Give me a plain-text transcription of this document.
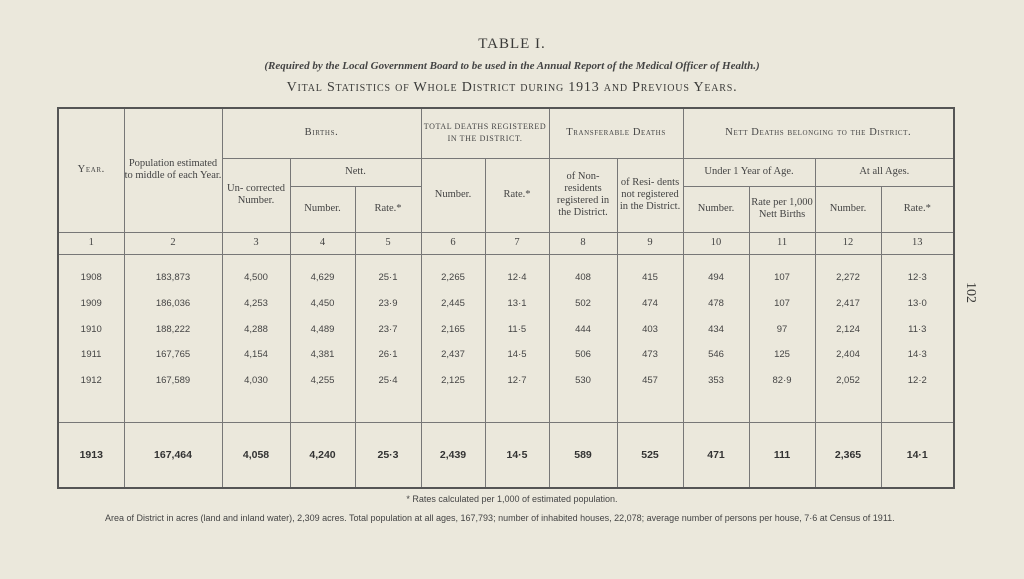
TABLE I.
(Required by the Local Government Board to be used in the Annual Report of the Medical Officer of Health.)
Vital Statistics of Whole District during 1913 and Previous Years.
102
Year.	Population estimated to middle of each Year.	Births.			TOTAL DEATHS REGISTERED IN THE DISTRICT.		Transferable Deaths		Nett Deaths belonging to the District.			
		Un- corrected Number.	Nett.		Number.	Rate.*	of Non- residents registered in the District.	of Resi- dents not registered in the District.	Under 1 Year of Age.		At all Ages.	
			Number.	Rate.*					Number.	Rate per 1,000 Nett Births	Number.	Rate.*
1	2	3	4	5	6	7	8	9	10	11	12	13

1908	183,873	4,500	4,629	25·1	2,265	12·4	408	415	494	107	2,272	12·3
1909	186,036	4,253	4,450	23·9	2,445	13·1	502	474	478	107	2,417	13·0
1910	188,222	4,288	4,489	23·7	2,165	11·5	444	403	434	97	2,124	11·3
1911	167,765	4,154	4,381	26·1	2,437	14·5	506	473	546	125	2,404	14·3
1912	167,589	4,030	4,255	25·4	2,125	12·7	530	457	353	82·9	2,052	12·2

1913	167,464	4,058	4,240	25·3	2,439	14·5	589	525	471	111	2,365	14·1
* Rates calculated per 1,000 of estimated population.
Area of District in acres (land and inland water), 2,309 acres. Total population at all ages, 167,793; number of inhabited houses, 22,078; average number of persons per house, 7·6 at Census of 1911.
